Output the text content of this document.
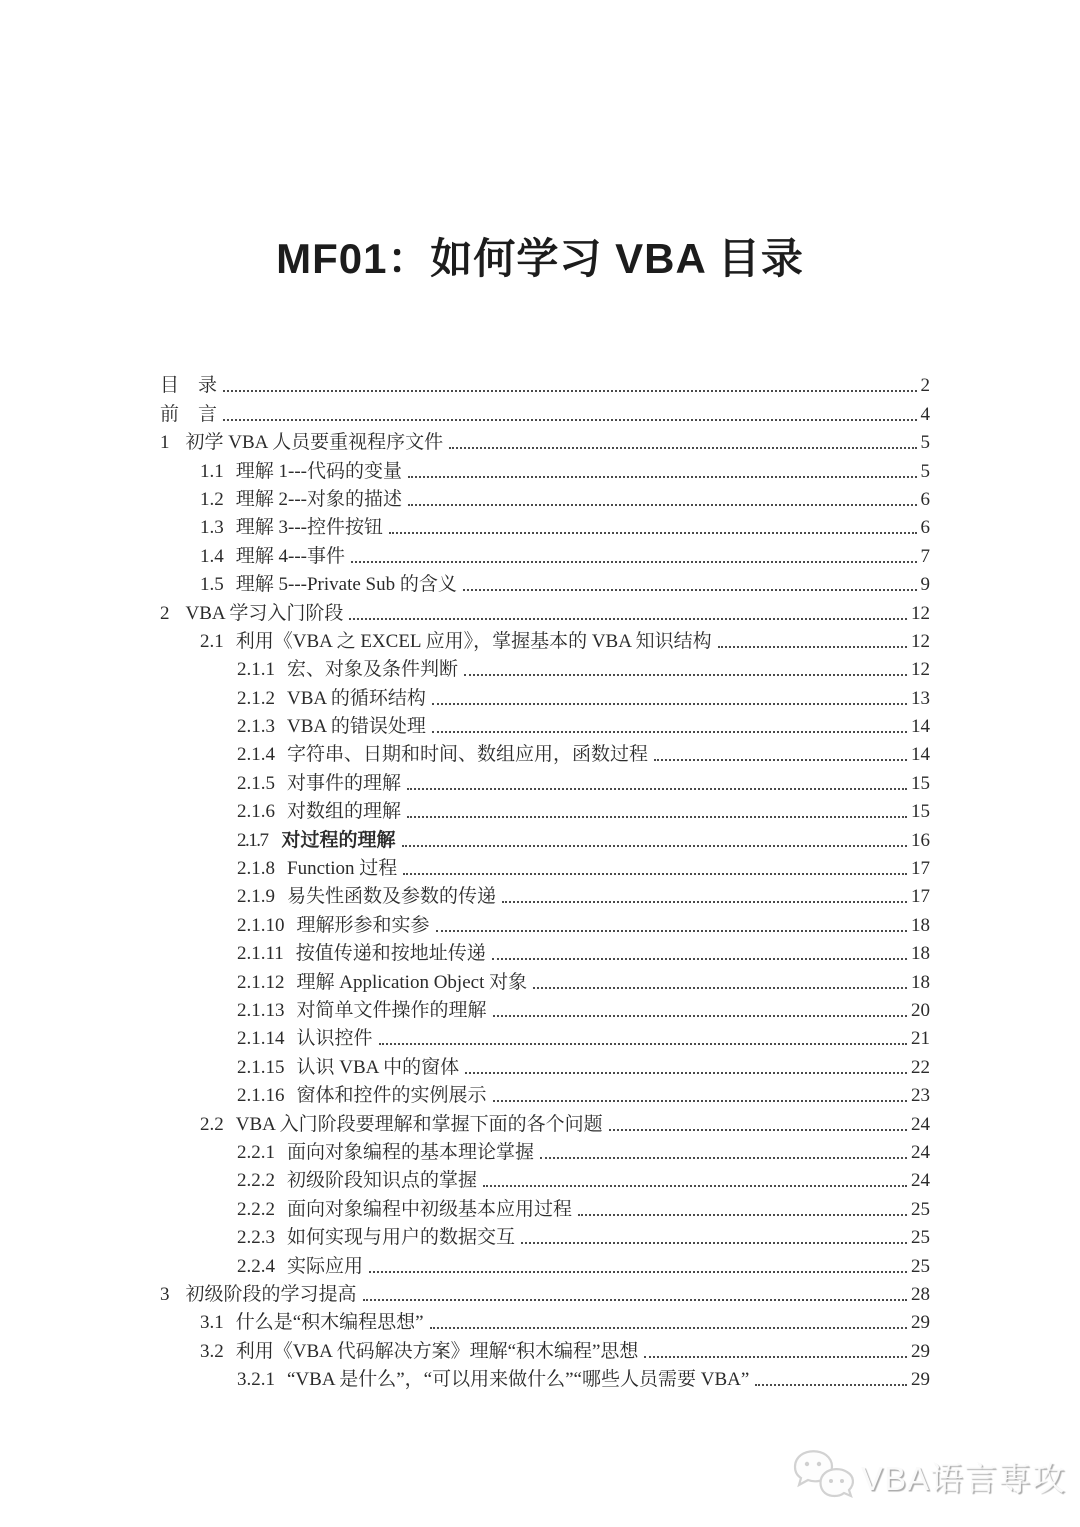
MF01：如何学习 VBA 目录
目　录	2
前　言	4
1 初学 VBA 人员要重视程序文件	5
1.1 理解 1---代码的变量	5
1.2 理解 2---对象的描述	6
1.3 理解 3---控件按钮	6
1.4 理解 4---事件	7
1.5 理解 5---Private Sub 的含义	9
2 VBA 学习入门阶段	12
2.1 利用《VBA 之 EXCEL 应用》，掌握基本的 VBA 知识结构	12
2.1.1 宏、对象及条件判断	12
2.1.2 VBA 的循环结构	13
2.1.3 VBA 的错误处理	14
2.1.4 字符串、日期和时间、数组应用，函数过程	14
2.1.5 对事件的理解	15
2.1.6 对数组的理解	15
2.1.7 对过程的理解	16
2.1.8 Function 过程	17
2.1.9 易失性函数及参数的传递	17
2.1.10 理解形参和实参	18
2.1.11 按值传递和按地址传递	18
2.1.12 理解 Application Object 对象	18
2.1.13 对简单文件操作的理解	20
2.1.14 认识控件	21
2.1.15 认识 VBA 中的窗体	22
2.1.16 窗体和控件的实例展示	23
2.2 VBA 入门阶段要理解和掌握下面的各个问题	24
2.2.1 面向对象编程的基本理论掌握	24
2.2.2 初级阶段知识点的掌握	24
2.2.2 面向对象编程中初级基本应用过程	25
2.2.3 如何实现与用户的数据交互	25
2.2.4 实际应用	25
3 初级阶段的学习提高	28
3.1 什么是“积木编程思想”	29
3.2 利用《VBA 代码解决方案》理解“积木编程”思想	29
3.2.1 “VBA 是什么”，“可以用来做什么”“哪些人员需要 VBA”	29
VBA语言専攻
